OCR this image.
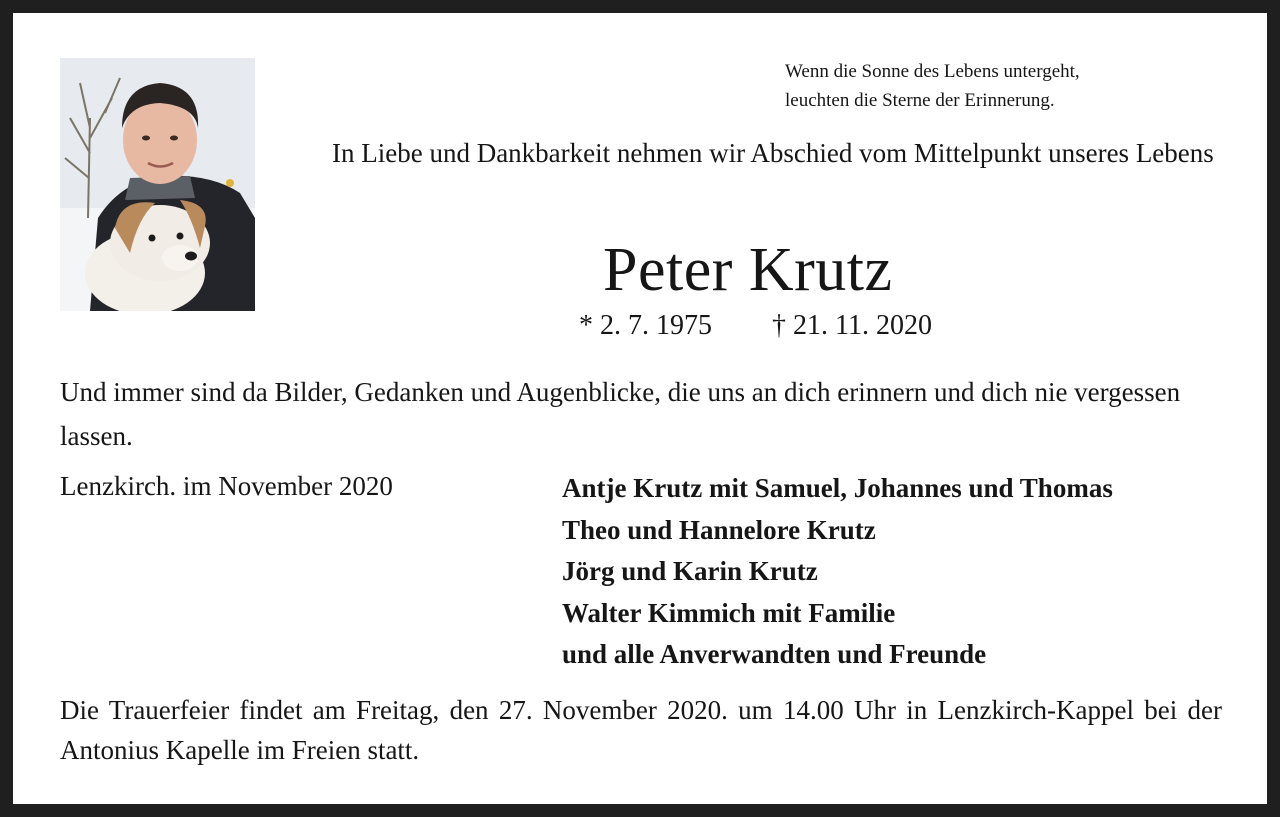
Wenn die Sonne des Lebens untergeht,
leuchten die Sterne der Erinnerung.
In Liebe und Dankbarkeit nehmen wir Abschied vom Mittelpunkt unseres Lebens
Peter Krutz
* 2. 7. 1975 † 21. 11. 2020
Und immer sind da Bilder, Gedanken und Augenblicke, die uns an dich erinnern und dich nie vergessen lassen.
Lenzkirch. im November 2020	Antje Krutz mit Samuel, Johannes und Thomas
Theo und Hannelore Krutz
Jörg und Karin Krutz
Walter Kimmich mit Familie
und alle Anverwandten und Freunde
Die Trauerfeier findet am Freitag, den 27. November 2020. um 14.00 Uhr in Lenzkirch-Kappel bei der Antonius Kapelle im Freien statt.
